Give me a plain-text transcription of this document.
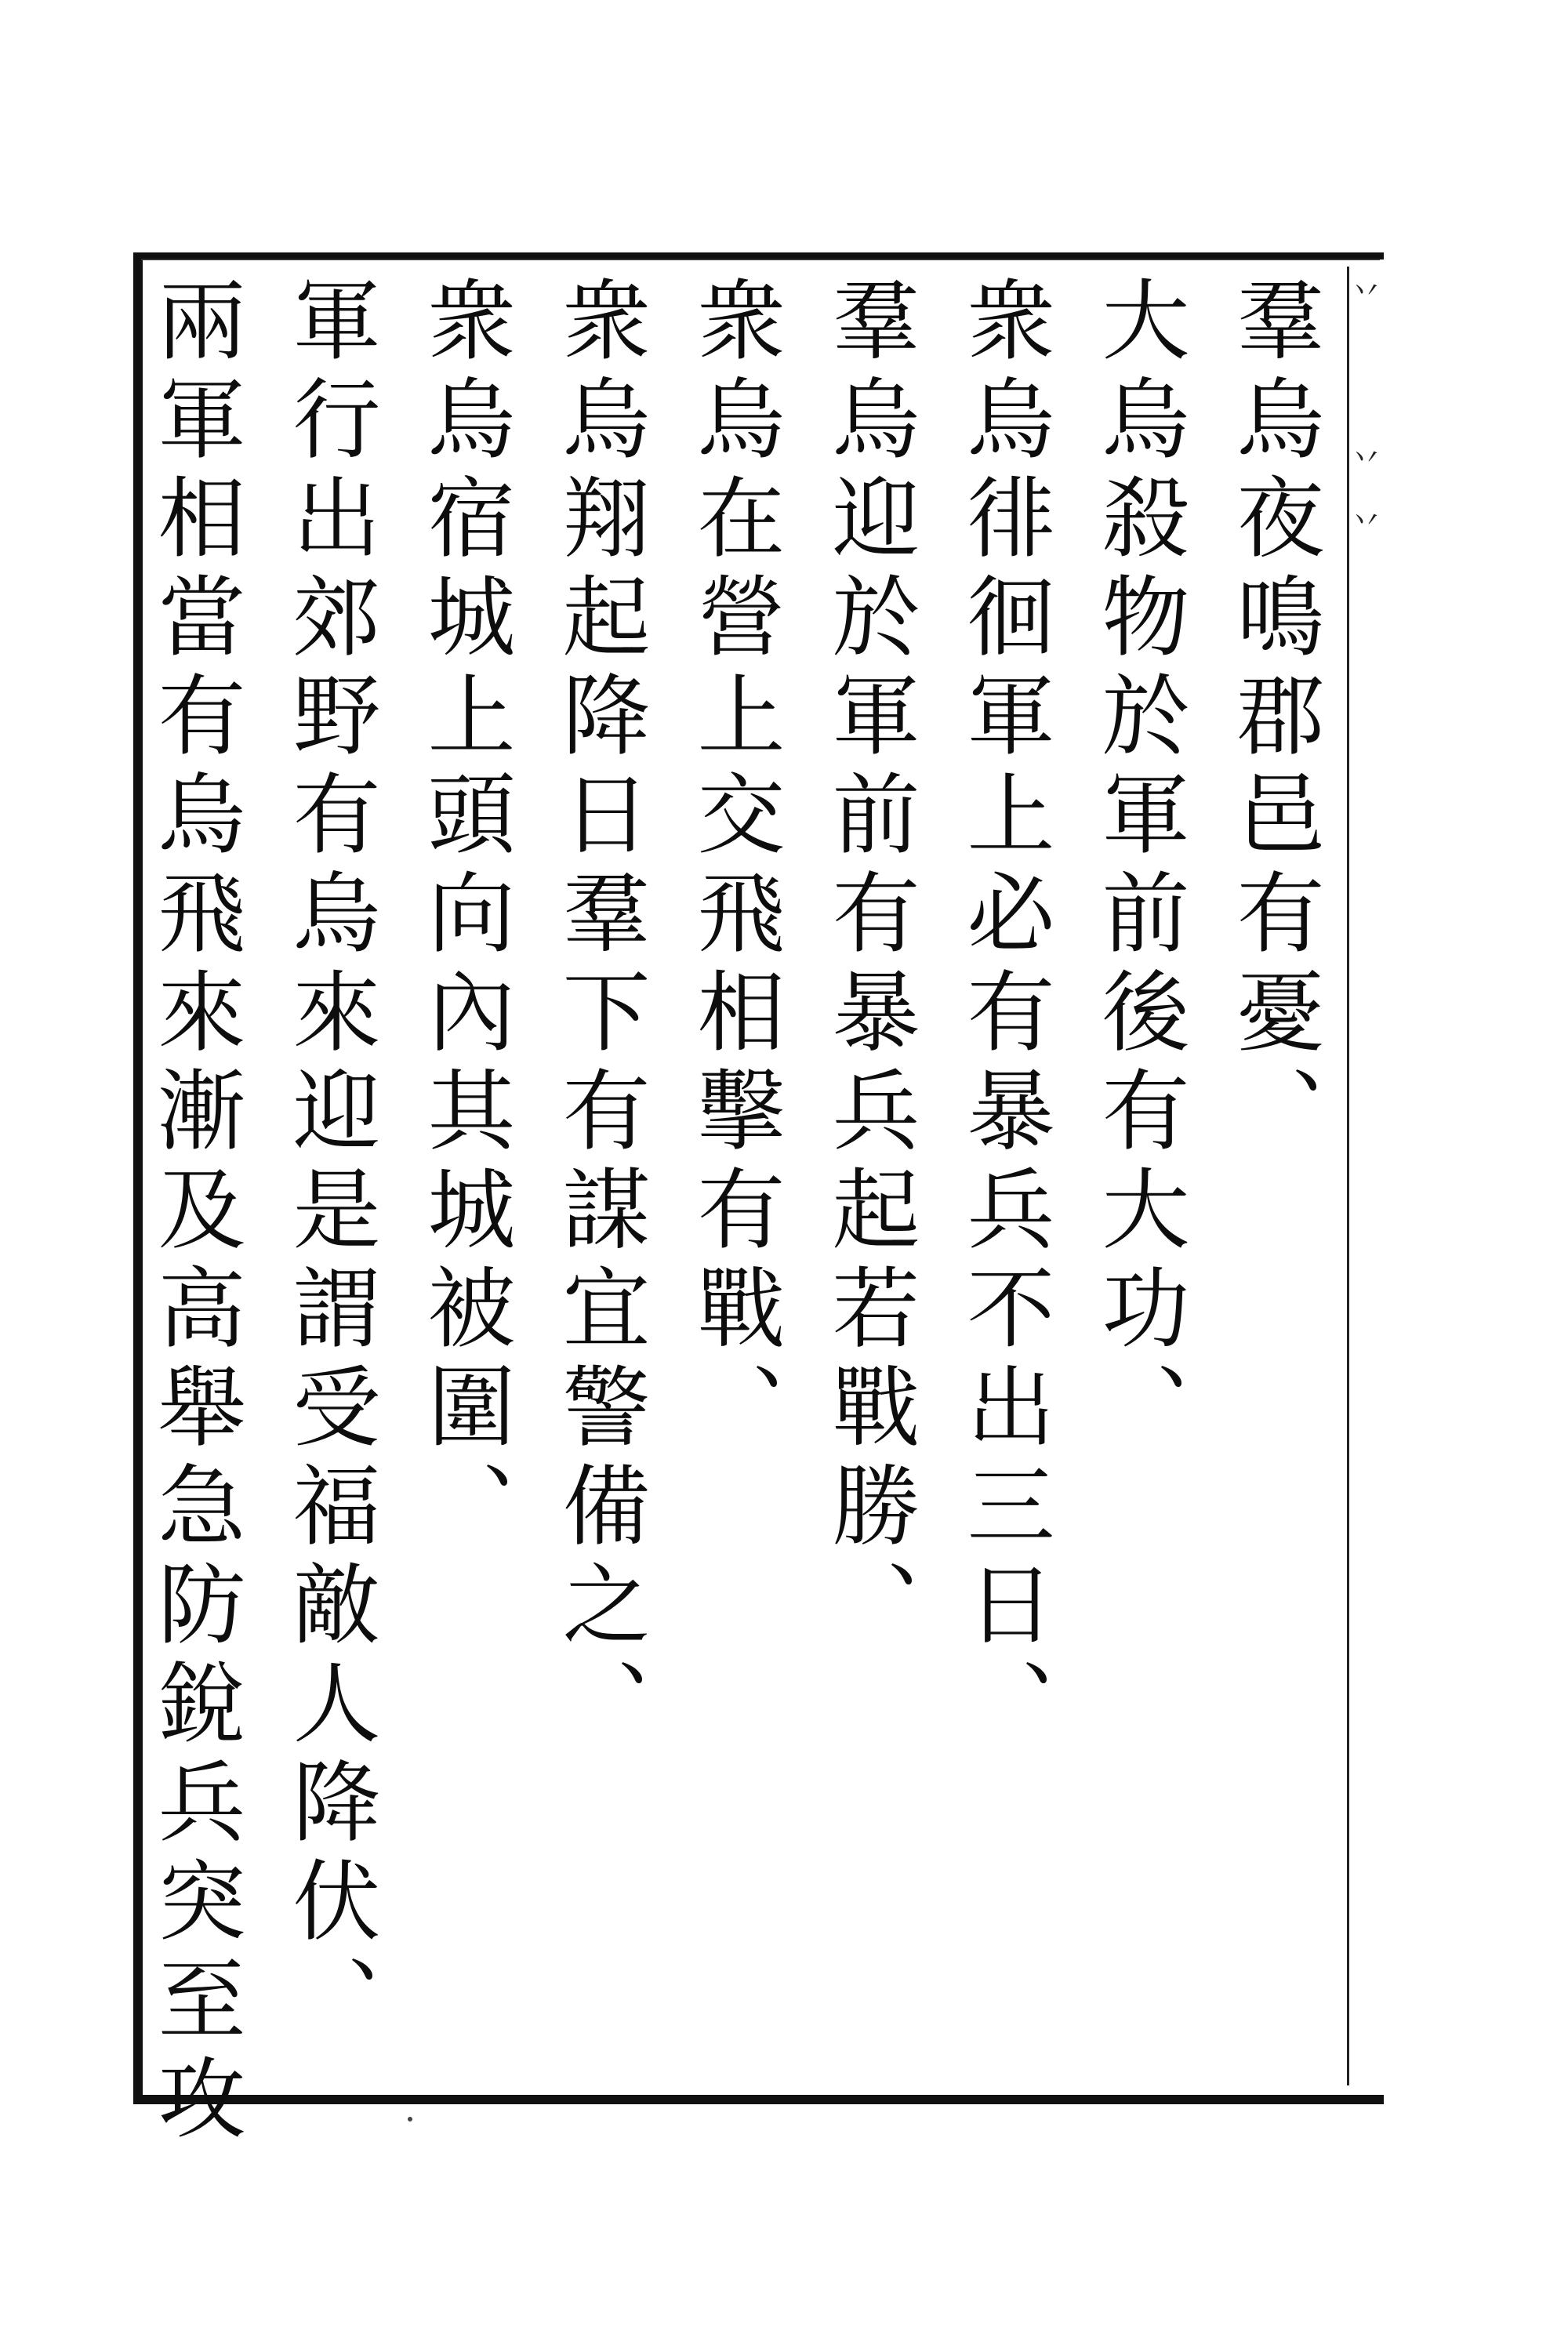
丷 　丷丷
羣烏夜鳴郡邑有憂、
大烏殺物於軍前後有大功、
衆烏徘徊軍上必有暴兵不出三日、
羣烏迎於軍前有暴兵起若戰勝、
衆烏在營上交飛相擊有戰、
衆烏翔起降日羣下有謀宜警備之、
衆烏宿城上頭向內其城被圍、
軍行出郊野有烏來迎是謂受福敵人降伏、
兩軍相當有烏飛來漸及高舉急防銳兵突至攻
